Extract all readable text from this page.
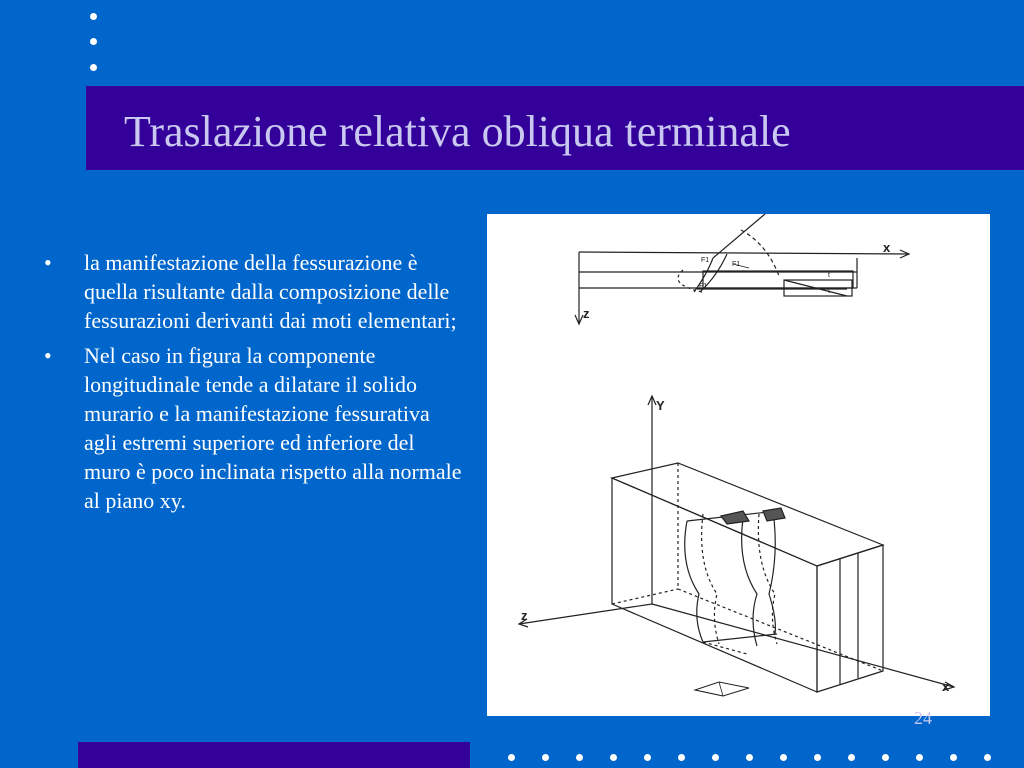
Traslazione relativa obliqua terminale
• la manifestazione della fessurazione è quella risultante dalla composizione delle fessurazioni derivanti dai moti elementari;
• Nel caso in figura la componente longitudinale tende a dilatare il solido murario e la manifestazione fessurativa agli estremi superiore ed inferiore del muro è poco inclinata rispetto alla normale al piano xy.
F1
F1
F1
t
t
x
z
Y
z
x
24
